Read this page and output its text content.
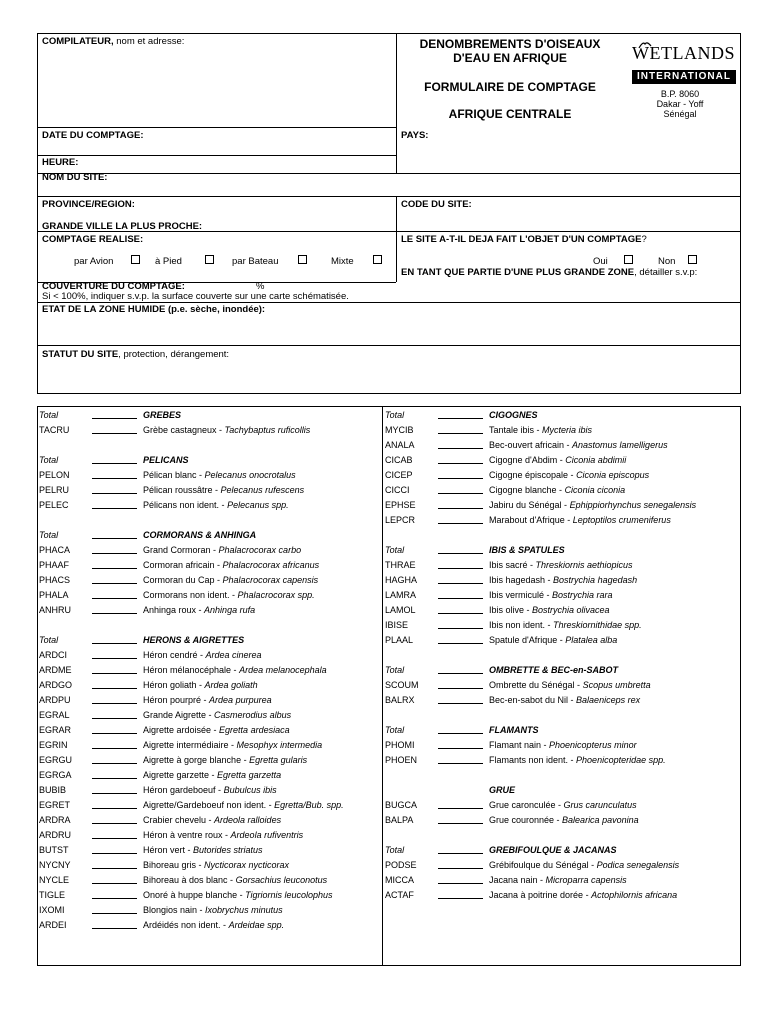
COMPILATEUR, nom et adresse:	DENOMBREMENTS D'OISEAUX
D'EAU EN AFRIQUE
FORMULAIRE DE COMPTAGE
AFRIQUE CENTRALE
WETLANDS
INTERNATIONAL
B.P. 8060
Dakar - Yoff
Sénégal
DATE DU COMPTAGE:	PAYS:
HEURE:
NOM DU SITE:
PROVINCE/REGION:	CODE DU SITE:
GRANDE VILLE LA PLUS PROCHE:
COMPTAGE REALISE:	LE SITE A-T-IL DEJA FAIT L'OBJET D'UN COMPTAGE?
par Avion	à Pied	par Bateau	Mixte	Oui	Non
EN TANT QUE PARTIE D'UNE PLUS GRANDE ZONE, détailler s.v.p:
COUVERTURE DU COMPTAGE:	%
Si < 100%, indiquer s.v.p. la surface couverte sur une carte schématisée.
ETAT DE LA ZONE HUMIDE (p.e. sèche, inondée):
STATUT DU SITE, protection, dérangement:
Total	GREBES
TACRU	Grèbe castagneux - Tachybaptus ruficollis
Total	PELICANS
PELON	Pélican blanc - Pelecanus onocrotalus
PELRU	Pélican roussâtre - Pelecanus rufescens
PELEC	Pélicans non ident. - Pelecanus spp.
Total	CORMORANS & ANHINGA
PHACA	Grand Cormoran - Phalacrocorax carbo
PHAAF	Cormoran africain - Phalacrocorax africanus
PHACS	Cormoran du Cap - Phalacrocorax capensis
PHALA	Cormorans non ident. - Phalacrocorax spp.
ANHRU	Anhinga roux - Anhinga rufa
Total	HERONS & AIGRETTES
ARDCI	Héron cendré - Ardea cinerea
ARDME	Héron mélanocéphale - Ardea melanocephala
ARDGO	Héron goliath - Ardea goliath
ARDPU	Héron pourpré - Ardea purpurea
EGRAL	Grande Aigrette - Casmerodius albus
EGRAR	Aigrette ardoisée - Egretta ardesiaca
EGRIN	Aigrette intermédiaire - Mesophyx intermedia
EGRGU	Aigrette à gorge blanche - Egretta gularis
EGRGA	Aigrette garzette - Egretta garzetta
BUBIB	Héron gardeboeuf - Bubulcus ibis
EGRET	Aigrette/Gardeboeuf non ident. - Egretta/Bub. spp.
ARDRA	Crabier chevelu - Ardeola ralloides
ARDRU	Héron à ventre roux - Ardeola rufiventris
BUTST	Héron vert - Butorides striatus
NYCNY	Bihoreau gris - Nycticorax nycticorax
NYCLE	Bihoreau à dos blanc - Gorsachius leuconotus
TIGLE	Onoré à huppe blanche - Tigriornis leucolophus
IXOMI	Blongios nain - Ixobrychus minutus
ARDEI	Ardéidés non ident. - Ardeidae spp.
Total	CIGOGNES
MYCIB	Tantale ibis - Mycteria ibis
ANALA	Bec-ouvert africain - Anastomus lamelligerus
CICAB	Cigogne d'Abdim - Ciconia abdimii
CICEP	Cigogne épiscopale - Ciconia episcopus
CICCI	Cigogne blanche - Ciconia ciconia
EPHSE	Jabiru du Sénégal - Ephippiorhynchus senegalensis
LEPCR	Marabout d'Afrique - Leptoptilos crumeniferus
Total	IBIS & SPATULES
THRAE	Ibis sacré - Threskiornis aethiopicus
HAGHA	Ibis hagedash - Bostrychia hagedash
LAMRA	Ibis vermiculé - Bostrychia rara
LAMOL	Ibis olive - Bostrychia olivacea
IBISE	Ibis non ident. - Threskiornithidae spp.
PLAAL	Spatule d'Afrique - Platalea alba
Total	OMBRETTE & BEC-en-SABOT
SCOUM	Ombrette du Sénégal - Scopus umbretta
BALRX	Bec-en-sabot du Nil - Balaeniceps rex
Total	FLAMANTS
PHOMI	Flamant nain - Phoenicopterus minor
PHOEN	Flamants non ident. - Phoenicopteridae spp.
GRUE
BUGCA	Grue caronculée - Grus carunculatus
BALPA	Grue couronnée - Balearica pavonina
Total	GREBIFOULQUE & JACANAS
PODSE	Grébifoulque du Sénégal - Podica senegalensis
MICCA	Jacana nain - Microparra capensis
ACTAF	Jacana à poitrine dorée - Actophilornis africana
